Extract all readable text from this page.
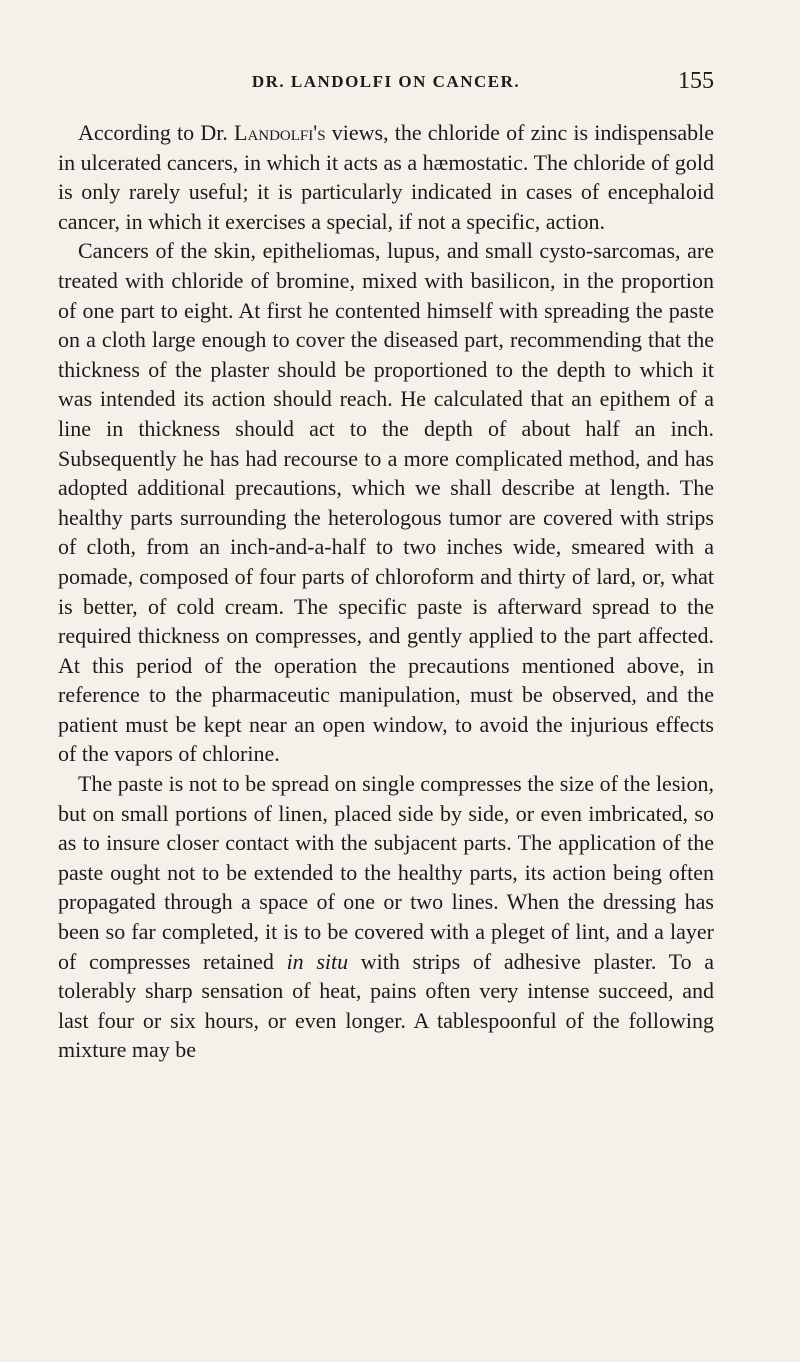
DR. LANDOLFI ON CANCER.	155

According to Dr. Landolfi's views, the chloride of zinc is indispensable in ulcerated cancers, in which it acts as a hæmostatic. The chloride of gold is only rarely useful; it is particularly indicated in cases of encephaloid cancer, in which it exercises a special, if not a specific, action.

Cancers of the skin, epitheliomas, lupus, and small cysto-sarcomas, are treated with chloride of bromine, mixed with basilicon, in the proportion of one part to eight. At first he contented himself with spreading the paste on a cloth large enough to cover the diseased part, recommending that the thickness of the plaster should be proportioned to the depth to which it was intended its action should reach. He calculated that an epithem of a line in thickness should act to the depth of about half an inch. Subsequently he has had recourse to a more complicated method, and has adopted additional precautions, which we shall describe at length. The healthy parts surrounding the heterologous tumor are covered with strips of cloth, from an inch-and-a-half to two inches wide, smeared with a pomade, composed of four parts of chloroform and thirty of lard, or, what is better, of cold cream. The specific paste is afterward spread to the required thickness on compresses, and gently applied to the part affected. At this period of the operation the precautions mentioned above, in reference to the pharmaceutic manipulation, must be observed, and the patient must be kept near an open window, to avoid the injurious effects of the vapors of chlorine.

The paste is not to be spread on single compresses the size of the lesion, but on small portions of linen, placed side by side, or even imbricated, so as to insure closer contact with the subjacent parts. The application of the paste ought not to be extended to the healthy parts, its action being often propagated through a space of one or two lines. When the dressing has been so far completed, it is to be covered with a pleget of lint, and a layer of compresses retained in situ with strips of adhesive plaster. To a tolerably sharp sensation of heat, pains often very intense succeed, and last four or six hours, or even longer. A tablespoonful of the following mixture may be
